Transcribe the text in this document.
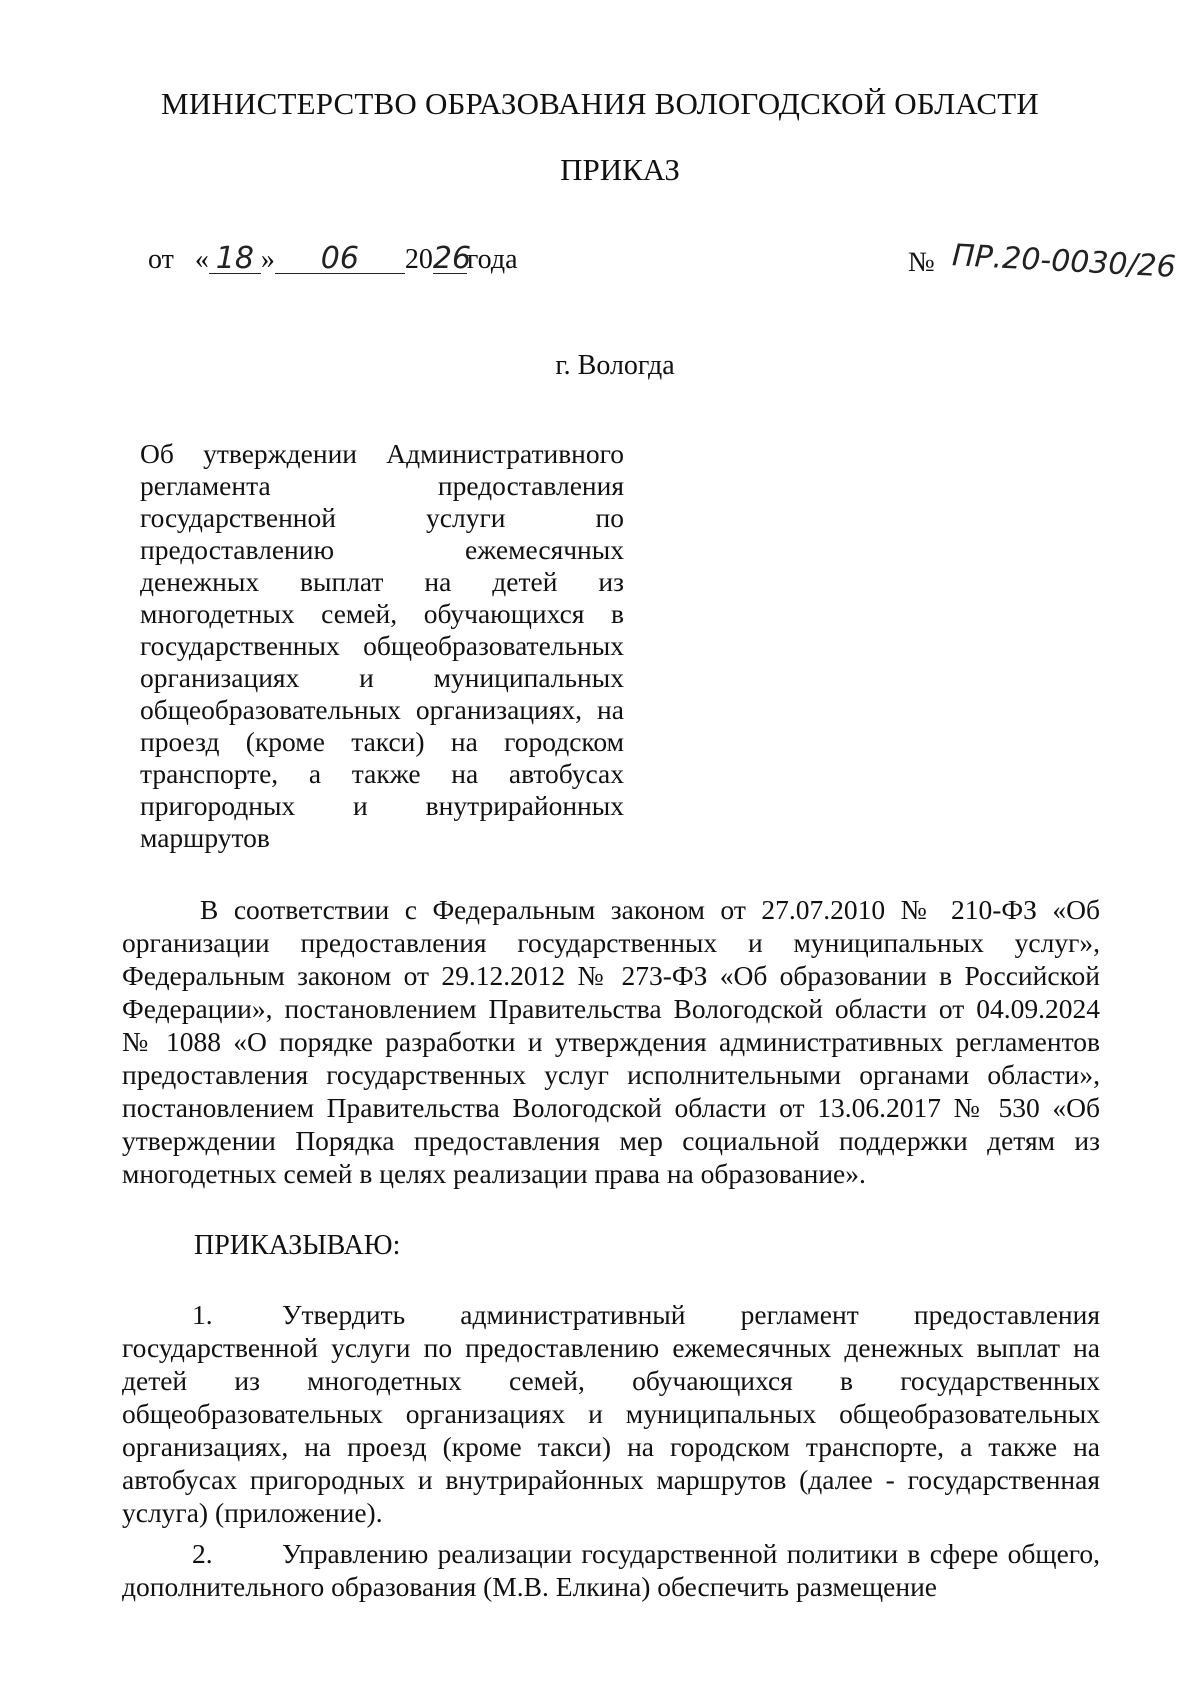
МИНИСТЕРСТВО ОБРАЗОВАНИЯ ВОЛОГОДСКОЙ ОБЛАСТИ
ПРИКАЗ
от « 18 » 06 2026года	№ ПР.20-0030/26
г. Вологда
Об утверждении Административного регламента предоставления государственной услуги по предоставлению ежемесячных денежных выплат на детей из многодетных семей, обучающихся в государственных общеобразовательных организациях и муниципальных общеобразовательных организациях, на проезд (кроме такси) на городском транспорте, а также на автобусах пригородных и внутрирайонных маршрутов
В соответствии с Федеральным законом от 27.07.2010 № 210-ФЗ «Об организации предоставления государственных и муниципальных услуг», Федеральным законом от 29.12.2012 № 273-ФЗ «Об образовании в Российской Федерации», постановлением Правительства Вологодской области от 04.09.2024 № 1088 «О порядке разработки и утверждения административных регламентов предоставления государственных услуг исполнительными органами области», постановлением Правительства Вологодской области от 13.06.2017 № 530 «Об утверждении Порядка предоставления мер социальной поддержки детям из многодетных семей в целях реализации права на образование».
ПРИКАЗЫВАЮ:
1.	Утвердить административный регламент предоставления государственной услуги по предоставлению ежемесячных денежных выплат на детей из многодетных семей, обучающихся в государственных общеобразовательных организациях и муниципальных общеобразовательных организациях, на проезд (кроме такси) на городском транспорте, а также на автобусах пригородных и внутрирайонных маршрутов (далее - государственная услуга) (приложение).
2.	Управлению реализации государственной политики в сфере общего, дополнительного образования (М.В. Елкина) обеспечить размещение
